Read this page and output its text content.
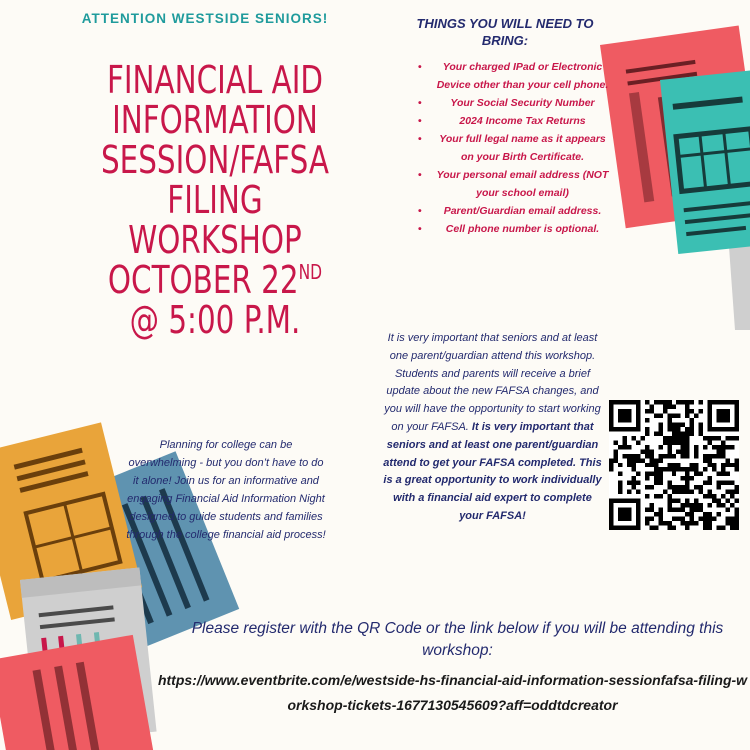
ATTENTION WESTSIDE SENIORS!

FINANCIAL AID
INFORMATION
SESSION/FAFSA
FILING
WORKSHOP
OCTOBER 22ND
@ 5:00 P.M.

Planning for college can be overwhelming - but you don’t have to do it alone! Join us for an informative and engaging Financial Aid Information Night designed to guide students and families through the college financial aid process!

THINGS YOU WILL NEED TO BRING:

• Your charged IPad or Electronic Device other than your cell phone.
•	Your Social Security Number
•	2024 Income Tax Returns
• Your full legal name as it appears on your Birth Certificate.
• Your personal email address (NOT your school email)
• Parent/Guardian email address.
• Cell phone number is optional.

It is very important that seniors and at least one parent/guardian attend this workshop. Students and parents will receive a brief update about the new FAFSA changes, and you will have the opportunity to start working on your FAFSA. It is very important that seniors and at least one parent/guardian attend to get your FAFSA completed. This is a great opportunity to work individually with a financial aid expert to complete your FAFSA!

Please register with the QR Code or the link below if you will be attending this workshop:

https://www.eventbrite.com/e/westside-hs-financial-aid-information-sessionfafsa-filing-workshop-tickets-1677130545609?aff=oddtdcreator
